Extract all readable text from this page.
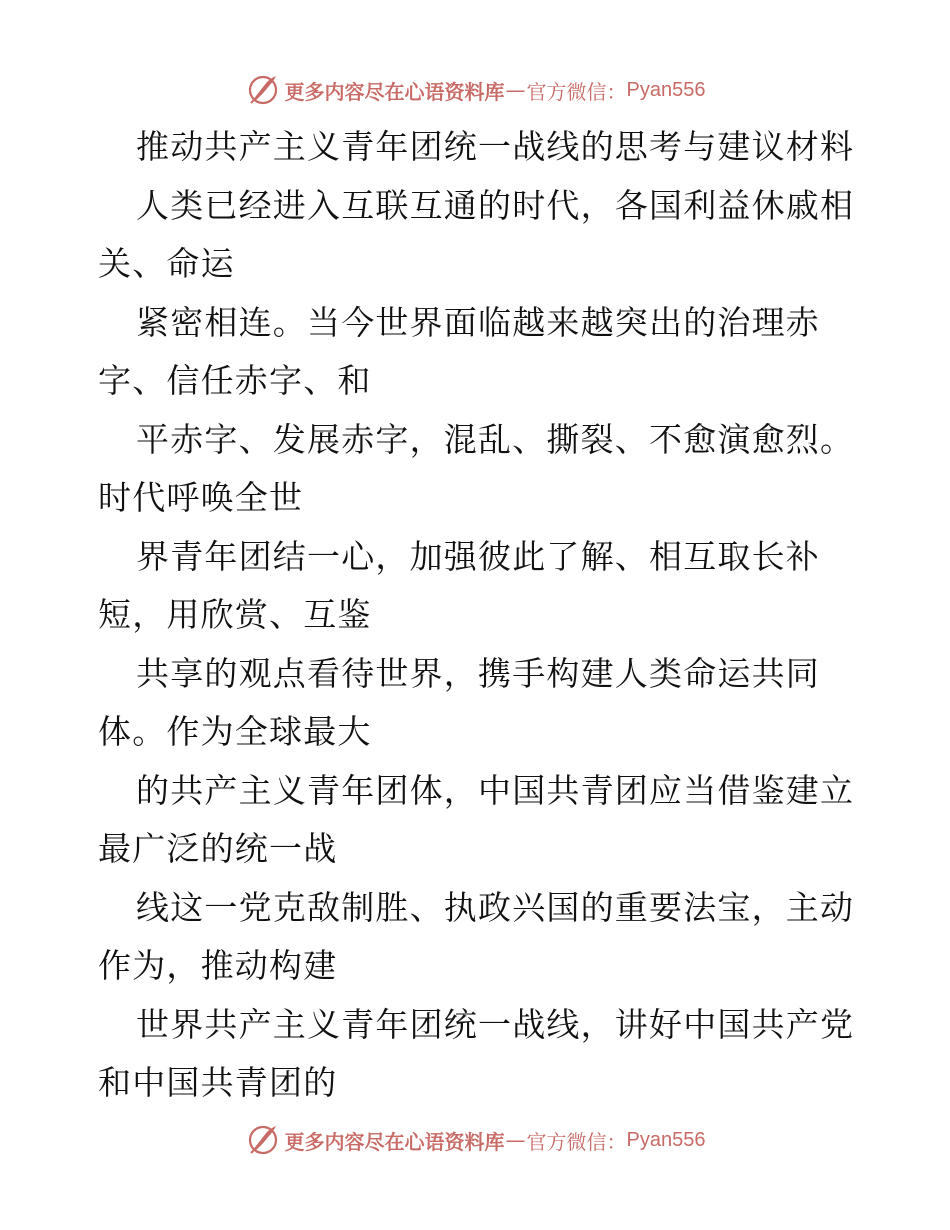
更多内容尽在心语资料库 — 官方微信： Pyan556
推动共产主义青年团统一战线的思考与建议材料
人类已经进入互联互通的时代，各国利益休戚相
关、命运
紧密相连。当今世界面临越来越突出的治理赤
字、信任赤字、和
平赤字、发展赤字，混乱、撕裂、不愈演愈烈。
时代呼唤全世
界青年团结一心，加强彼此了解、相互取长补
短，用欣赏、互鉴
共享的观点看待世界，携手构建人类命运共同
体。作为全球最大
的共产主义青年团体，中国共青团应当借鉴建立
最广泛的统一战
线这一党克敌制胜、执政兴国的重要法宝，主动
作为，推动构建
世界共产主义青年团统一战线，讲好中国共产党
和中国共青团的
更多内容尽在心语资料库 — 官方微信： Pyan556
